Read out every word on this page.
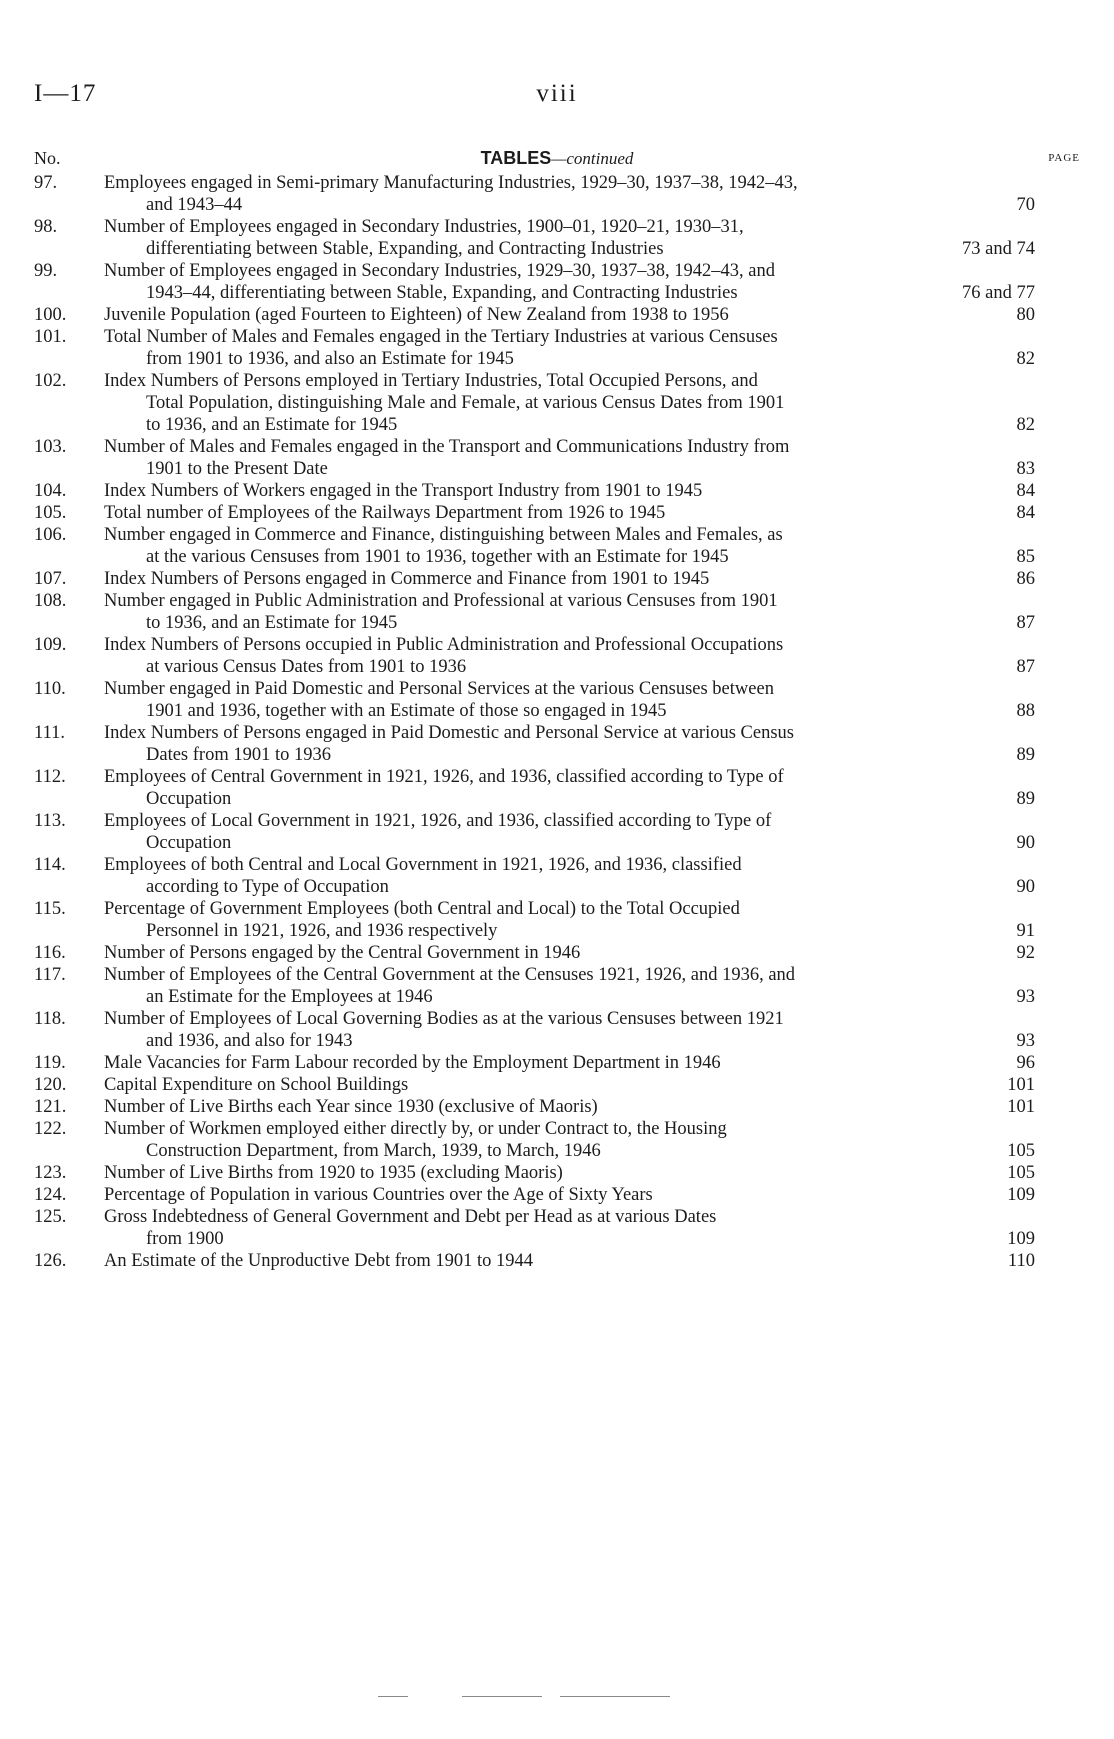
I—17	viii
No.	TABLES—continued	PAGE
97.	Employees engaged in Semi-primary Manufacturing Industries, 1929–30, 1937–38, 1942–43,
and 1943–44	70
98.	Number of Employees engaged in Secondary Industries, 1900–01, 1920–21, 1930–31,
differentiating between Stable, Expanding, and Contracting Industries	73 and 74
99.	Number of Employees engaged in Secondary Industries, 1929–30, 1937–38, 1942–43, and
1943–44, differentiating between Stable, Expanding, and Contracting Industries	76 and 77
100.	Juvenile Population (aged Fourteen to Eighteen) of New Zealand from 1938 to 1956	80
101.	Total Number of Males and Females engaged in the Tertiary Industries at various Censuses
from 1901 to 1936, and also an Estimate for 1945	82
102.	Index Numbers of Persons employed in Tertiary Industries, Total Occupied Persons, and
Total Population, distinguishing Male and Female, at various Census Dates from 1901
to 1936, and an Estimate for 1945	82
103.	Number of Males and Females engaged in the Transport and Communications Industry from
1901 to the Present Date	83
104.	Index Numbers of Workers engaged in the Transport Industry from 1901 to 1945	84
105.	Total number of Employees of the Railways Department from 1926 to 1945	84
106.	Number engaged in Commerce and Finance, distinguishing between Males and Females, as
at the various Censuses from 1901 to 1936, together with an Estimate for 1945	85
107.	Index Numbers of Persons engaged in Commerce and Finance from 1901 to 1945	86
108.	Number engaged in Public Administration and Professional at various Censuses from 1901
to 1936, and an Estimate for 1945	87
109.	Index Numbers of Persons occupied in Public Administration and Professional Occupations
at various Census Dates from 1901 to 1936	87
110.	Number engaged in Paid Domestic and Personal Services at the various Censuses between
1901 and 1936, together with an Estimate of those so engaged in 1945	88
111.	Index Numbers of Persons engaged in Paid Domestic and Personal Service at various Census
Dates from 1901 to 1936	89
112.	Employees of Central Government in 1921, 1926, and 1936, classified according to Type of
Occupation	89
113.	Employees of Local Government in 1921, 1926, and 1936, classified according to Type of
Occupation	90
114.	Employees of both Central and Local Government in 1921, 1926, and 1936, classified
according to Type of Occupation	90
115.	Percentage of Government Employees (both Central and Local) to the Total Occupied
Personnel in 1921, 1926, and 1936 respectively	91
116.	Number of Persons engaged by the Central Government in 1946	92
117.	Number of Employees of the Central Government at the Censuses 1921, 1926, and 1936, and
an Estimate for the Employees at 1946	93
118.	Number of Employees of Local Governing Bodies as at the various Censuses between 1921
and 1936, and also for 1943	93
119.	Male Vacancies for Farm Labour recorded by the Employment Department in 1946	96
120.	Capital Expenditure on School Buildings	101
121.	Number of Live Births each Year since 1930 (exclusive of Maoris)	101
122.	Number of Workmen employed either directly by, or under Contract to, the Housing
Construction Department, from March, 1939, to March, 1946	105
123.	Number of Live Births from 1920 to 1935 (excluding Maoris)	105
124.	Percentage of Population in various Countries over the Age of Sixty Years	109
125.	Gross Indebtedness of General Government and Debt per Head as at various Dates
from 1900	109
126.	An Estimate of the Unproductive Debt from 1901 to 1944	110
